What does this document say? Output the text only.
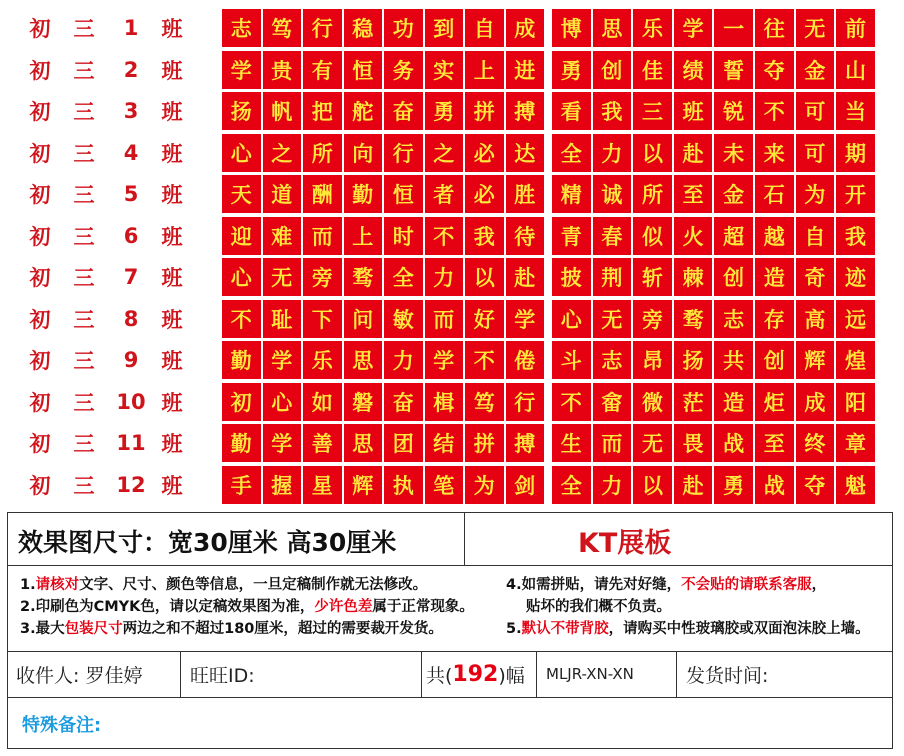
初	三	1	班	志 笃 行 稳 功 到 自 成	博 思 乐 学 一 往 无 前
初	三	2	班	学 贵 有 恒 务 实 上 进	勇 创 佳 绩 誓 夺 金 山
初	三	3	班	扬 帆 把 舵 奋 勇 拼 搏	看 我 三 班 锐 不 可 当
初	三	4	班	心 之 所 向 行 之 必 达	全 力 以 赴 未 来 可 期
初	三	5	班	天 道 酬 勤 恒 者 必 胜	精 诚 所 至 金 石 为 开
初	三	6	班	迎 难 而 上 时 不 我 待	青 春 似 火 超 越 自 我
初	三	7	班	心 无 旁 骛 全 力 以 赴	披 荆 斩 棘 创 造 奇 迹
初	三	8	班	不 耻 下 问 敏 而 好 学	心 无 旁 骛 志 存 高 远
初	三	9	班	勤 学 乐 思 力 学 不 倦	斗 志 昂 扬 共 创 辉 煌
初	三	10 班	初 心 如 磐 奋 楫 笃 行	不 畲 微 茫 造 炬 成 阳
初	三	11 班	勤 学 善 思 团 结 拼 搏	生 而 无 畏 战 至 终 章
初	三	12 班	手 握 星 辉 执 笔 为 剑	全 力 以 赴 勇 战 夺 魁
效果图尺寸：宽30厘米 高30厘米	KT展板
1.请核对文字、尺寸、颜色等信息，一旦定稿制作就无法修改。
2.印刷色为CMYK色，请以定稿效果图为准，少许色差属于正常现象。
3.最大包装尺寸两边之和不超过180厘米，超过的需要裁开发货。
4.如需拼贴，请先对好缝，不会贴的请联系客服，
贴坏的我们概不负责。
5.默认不带背胶，请购买中性玻璃胶或双面泡沫胶上墙。
收件人: 罗佳婷	旺旺ID:	共( 192 )幅 MLJR-XN-XN	发货时间:
特殊备注:
